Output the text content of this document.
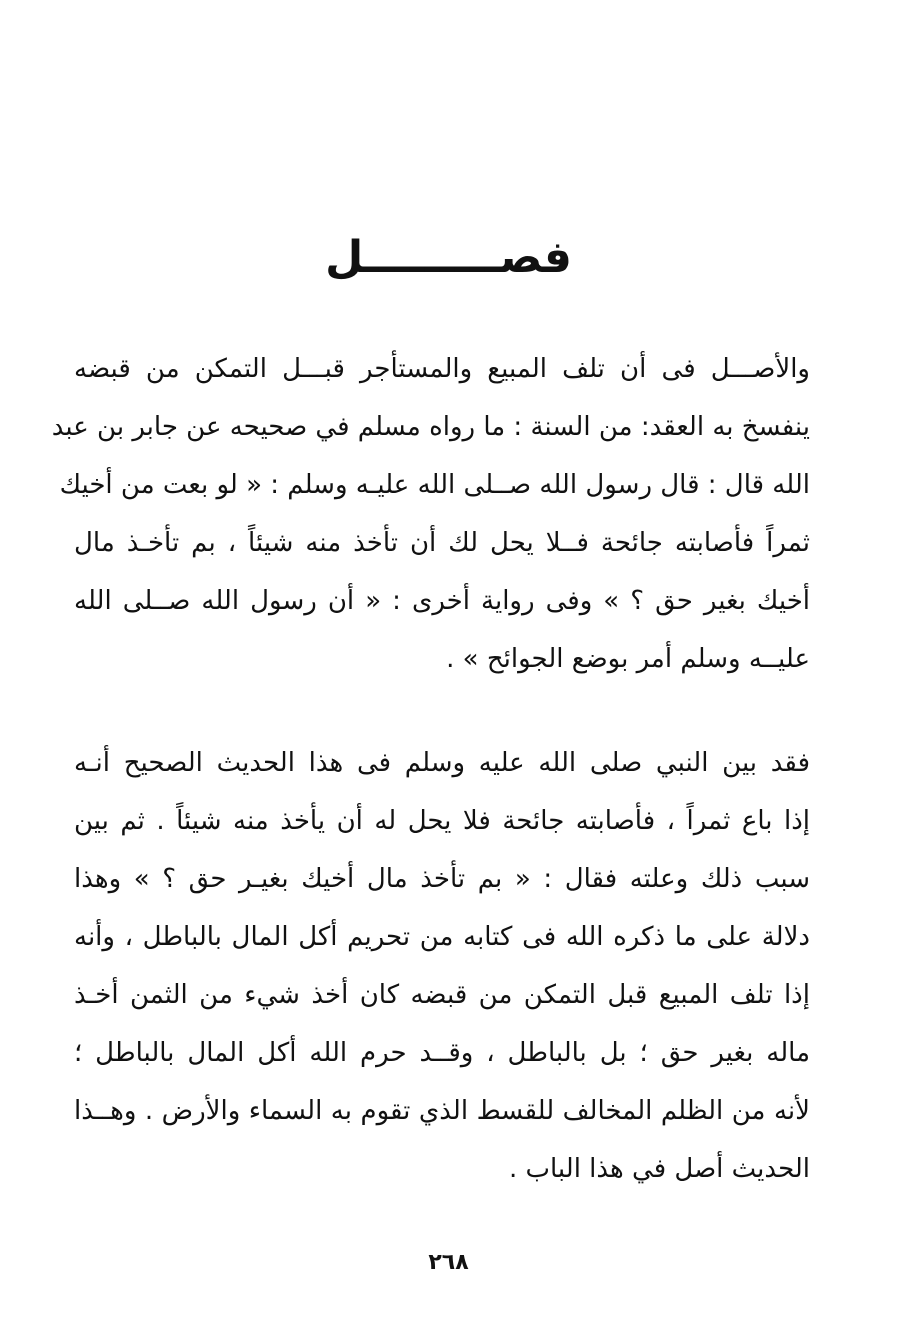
فصـــــــــل
والأصـــل فى أن تلف المبيع والمستأجر قبـــل التمكن من قبضه
ينفسخ به العقد: من السنة : ما رواه مسلم في صحيحه عن جابر بن عبد
الله قال : قال رسول الله صــلى الله عليـه وسلم : « لو بعت من أخيك
ثمراً فأصابته جائحة فــلا يحل لك أن تأخذ منه شيئاً ، بم تأخـذ مال
أخيك بغير حق ؟ » وفى رواية أخرى : « أن رسول الله صــلى الله
عليــه وسلم أمر بوضع الجوائح » .
فقد بين النبي صلى الله عليه وسلم فى هذا الحديث الصحيح أنـه
إذا باع ثمراً ، فأصابته جائحة فلا يحل له أن يأخذ منه شيئاً . ثم بين
سبب ذلك وعلته فقال : « بم تأخذ مال أخيك بغيـر حق ؟ » وهذا
دلالة على ما ذكره الله فى كتابه من تحريم أكل المال بالباطل ، وأنه
إذا تلف المبيع قبل التمكن من قبضه كان أخذ شيء من الثمن أخـذ
ماله بغير حق ؛ بل بالباطل ، وقــد حرم الله أكل المال بالباطل ؛
لأنه من الظلم المخالف للقسط الذي تقوم به السماء والأرض . وهــذا
الحديث أصل في هذا الباب .
٢٦٨
